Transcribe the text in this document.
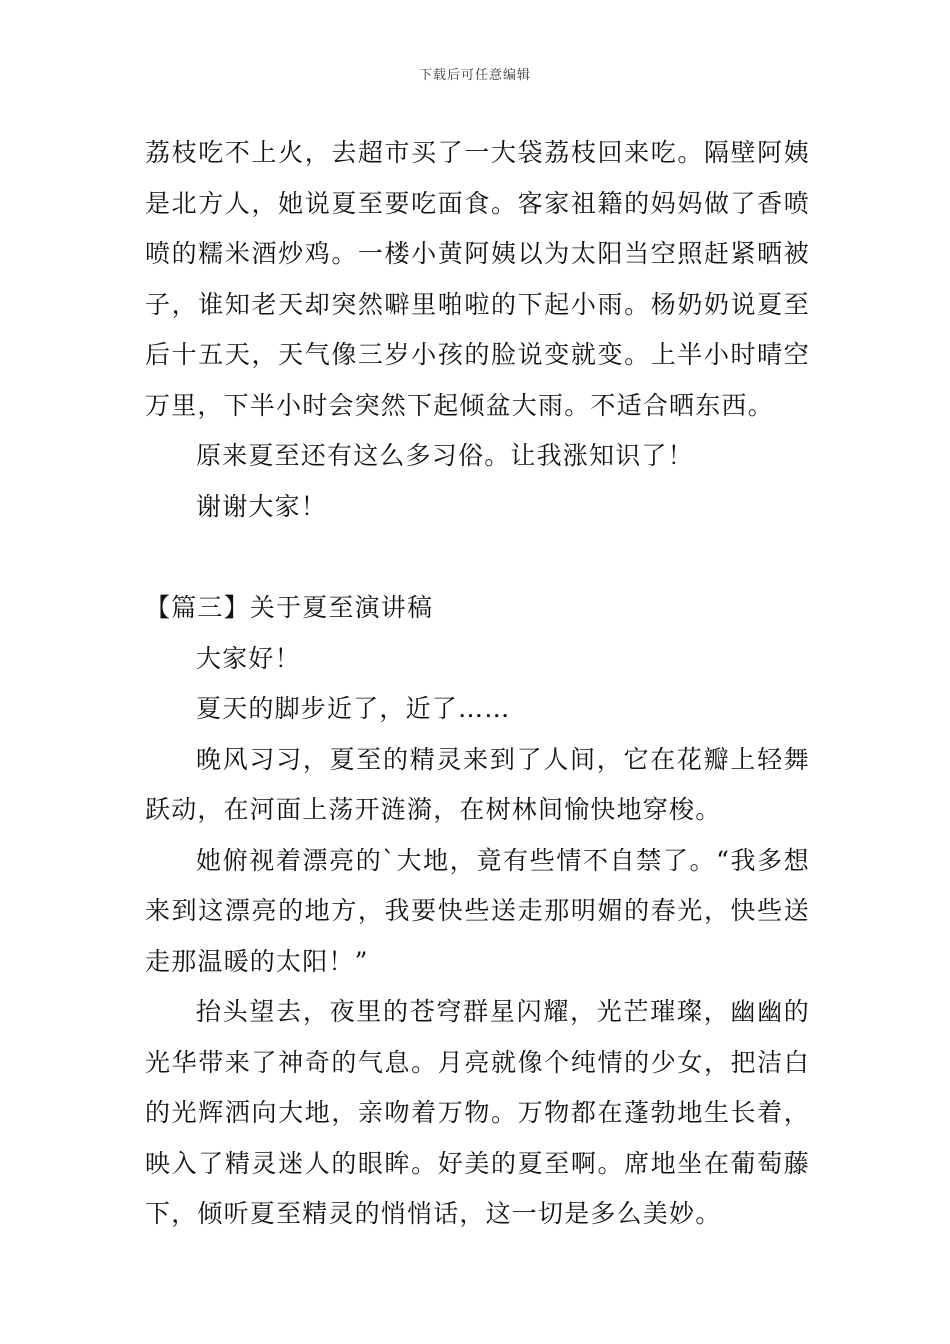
下载后可任意编辑

荔枝吃不上火，去超市买了一大袋荔枝回来吃。隔壁阿姨是北方人，她说夏至要吃面食。客家祖籍的妈妈做了香喷喷的糯米酒炒鸡。一楼小黄阿姨以为太阳当空照赶紧晒被子，谁知老天却突然噼里啪啦的下起小雨。杨奶奶说夏至后十五天，天气像三岁小孩的脸说变就变。上半小时晴空万里，下半小时会突然下起倾盆大雨。不适合晒东西。

原来夏至还有这么多习俗。让我涨知识了！

谢谢大家！

【篇三】关于夏至演讲稿

大家好！

夏天的脚步近了，近了……

晚风习习，夏至的精灵来到了人间，它在花瓣上轻舞跃动，在河面上荡开涟漪，在树林间愉快地穿梭。

她俯视着漂亮的`大地，竟有些情不自禁了。“我多想来到这漂亮的地方，我要快些送走那明媚的春光，快些送走那温暖的太阳！”

抬头望去，夜里的苍穹群星闪耀，光芒璀璨，幽幽的光华带来了神奇的气息。月亮就像个纯情的少女，把洁白的光辉洒向大地，亲吻着万物。万物都在蓬勃地生长着，映入了精灵迷人的眼眸。好美的夏至啊。席地坐在葡萄藤下，倾听夏至精灵的悄悄话，这一切是多么美妙。
